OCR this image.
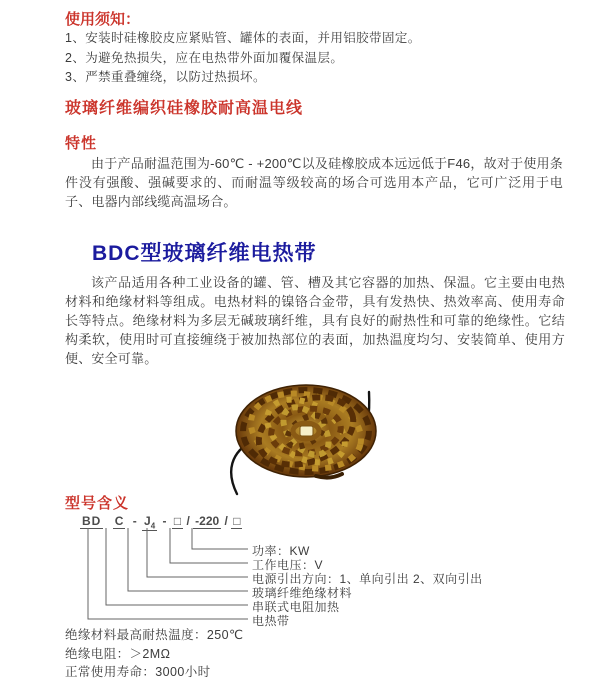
使用须知：
1、安装时硅橡胶皮应紧贴管、罐体的表面，并用铝胶带固定。
2、为避免热损失，应在电热带外面加覆保温层。
3、严禁重叠缠绕，以防过热损坏。
玻璃纤维编织硅橡胶耐高温电线
特性
由于产品耐温范围为-60℃ - +200℃以及硅橡胶成本远远低于F46，故对于使用条件没有强酸、强碱要求的、而耐温等级较高的场合可选用本产品，它可广泛用于电子、电器内部线缆高温场合。
BDC型玻璃纤维电热带
该产品适用各种工业设备的罐、管、槽及其它容器的加热、保温。它主要由电热材料和绝缘材料等组成。电热材料的镍铬合金带，具有发热快、热效率高、使用寿命长等特点。绝缘材料为多层无碱玻璃纤维，具有良好的耐热性和可靠的绝缘性。它结构柔软，使用时可直接缠绕于被加热部位的表面，加热温度均匀、安装简单、使用方便、安全可靠。
型号含义
BD C - $J_4$ - □ / -220 / □
功率：KW
工作电压：V
电源引出方向：1、单向引出 2、双向引出
玻璃纤维绝缘材料
串联式电阻加热
电热带
绝缘材料最高耐热温度：250℃
绝缘电阻：＞2MΩ
正常使用寿命：3000小时
